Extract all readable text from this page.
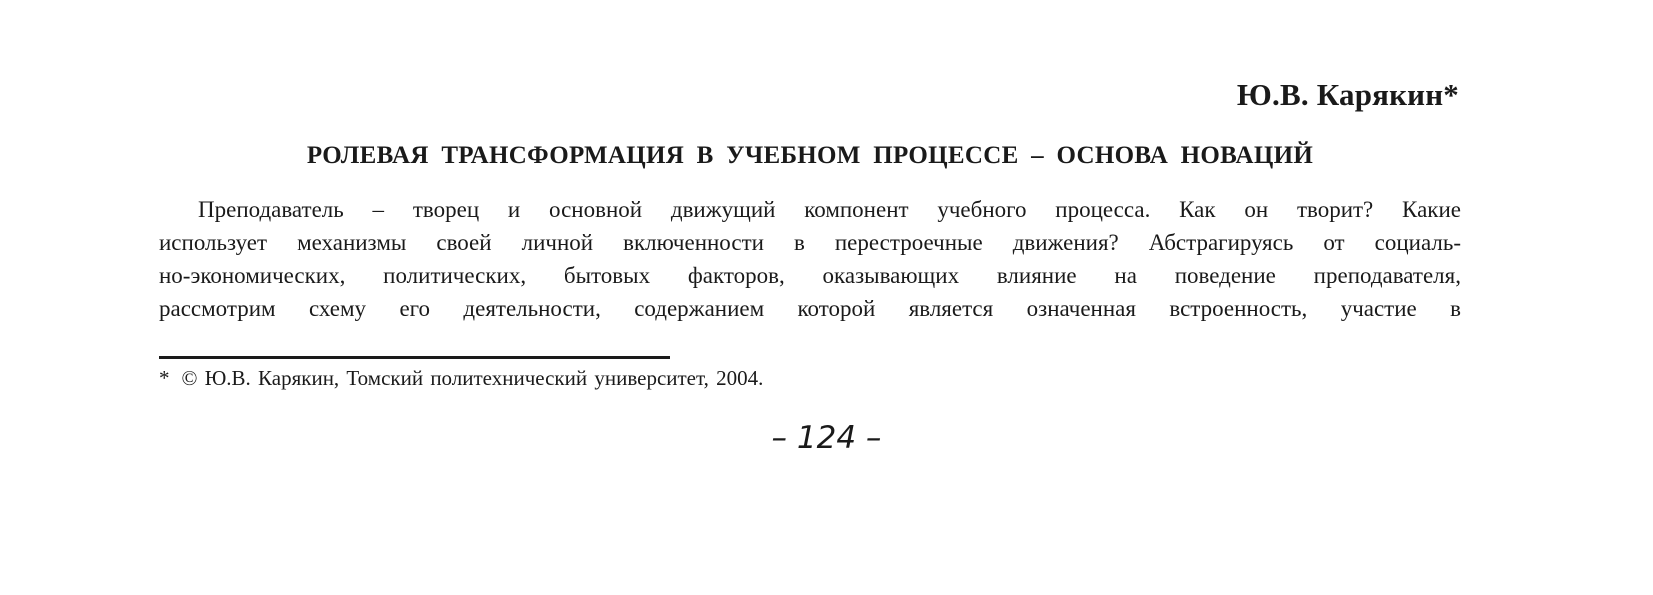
Ю.В. Карякин*
РОЛЕВАЯ ТРАНСФОРМАЦИЯ В УЧЕБНОМ ПРОЦЕССЕ – ОСНОВА НОВАЦИЙ
Преподаватель – творец и основной движущий компонент учебного процесса. Как он творит? Какие
использует механизмы своей личной включенности в перестроечные движения? Абстрагируясь от социаль-
но-экономических, политических, бытовых факторов, оказывающих влияние на поведение преподавателя,
рассмотрим схему его деятельности, содержанием которой является означенная встроенность, участие в
* © Ю.В. Карякин, Томский политехнический университет, 2004.
– 124 –
